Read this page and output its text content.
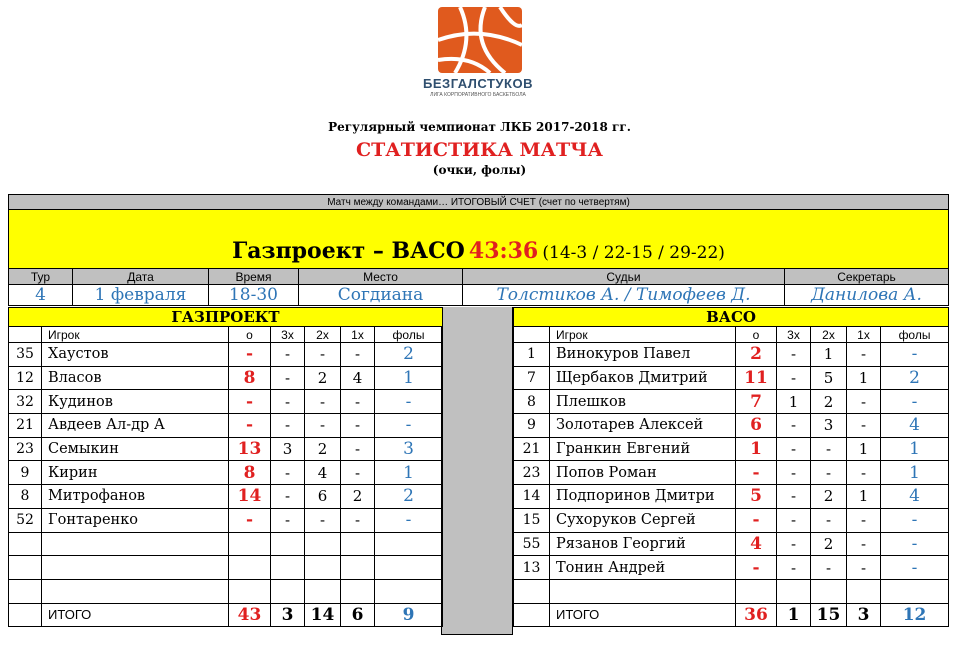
БЕЗГАЛСТУКОВ
ЛИГА КОРПОРАТИВНОГО БАСКЕТБОЛА
Регулярный чемпионат ЛКБ 2017-2018 гг.
СТАТИСТИКА МАТЧА
(очки, фолы)
Матч между командами… ИТОГОВЫЙ СЧЕТ (счет по четвертям)					
Газпроект – ВАСО 43:36 (14-3 / 22-15 / 29-22)					
Тур	Дата	Время	Место	Судьи	Секретарь
4	1 февраля	18-30	Согдиана	Толстиков А. / Тимофеев Д.	Данилова А.
ГАЗПРОЕКТ						
	Игрок	о	3х	2х	1х	фолы
35	Хаустов	-	-	-	-	2
12	Власов	8	-	2	4	1
32	Кудинов	-	-	-	-	-
21	Авдеев Ал-др А	-	-	-	-	-
23	Семыкин	13	3	2	-	3
9	Кирин	8	-	4	-	1
8	Митрофанов	14	-	6	2	2
52	Гонтаренко	-	-	-	-	-

	ИТОГО	43	3	14	6	9
ВАСО						
	Игрок	о	3х	2х	1х	фолы
1	Винокуров Павел	2	-	1	-	-
7	Щербаков Дмитрий	11	-	5	1	2
8	Плешков	7	1	2	-	-
9	Золотарев Алексей	6	-	3	-	4
21	Гранкин Евгений	1	-	-	1	1
23	Попов Роман	-	-	-	-	1
14	Подпоринов Дмитри	5	-	2	1	4
15	Сухоруков Сергей	-	-	-	-	-
55	Рязанов Георгий	4	-	2	-	-
13	Тонин Андрей	-	-	-	-	-

	ИТОГО	36	1	15	3	12
